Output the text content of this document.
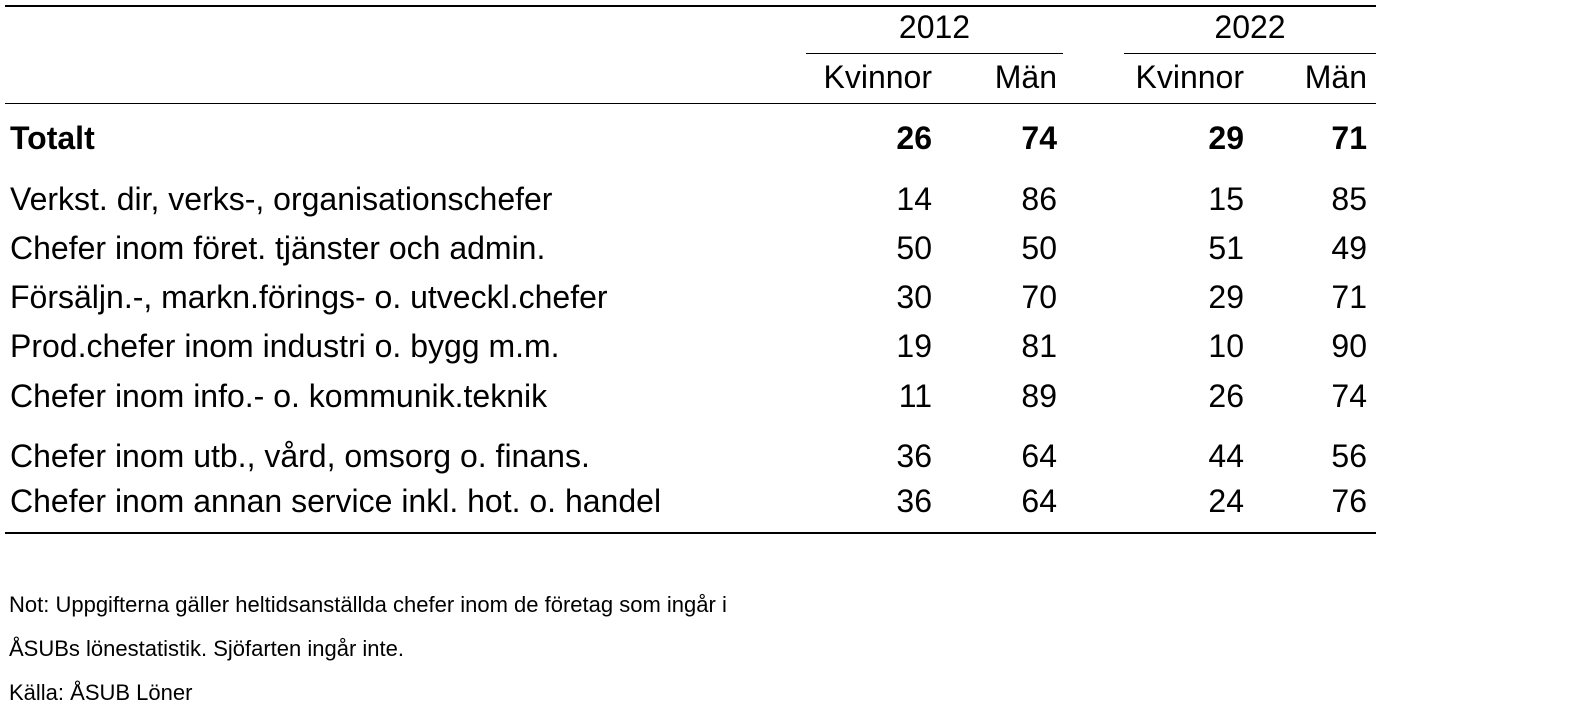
2012	2022
Kvinnor	Män	Kvinnor	Män
Totalt	26	74	29	71
Verkst. dir, verks-, organisationschefer	14	86	15	85
Chefer inom föret. tjänster och admin.	50	50	51	49
Försäljn.-, markn.förings- o. utveckl.chefer	30	70	29	71
Prod.chefer inom industri o. bygg m.m.	19	81	10	90
Chefer inom info.- o. kommunik.teknik	11	89	26	74
Chefer inom utb., vård, omsorg o. finans.	36	64	44	56
Chefer inom annan service inkl. hot. o. handel	36	64	24	76
Not: Uppgifterna gäller heltidsanställda chefer inom de företag som ingår i
ÅSUBs lönestatistik. Sjöfarten ingår inte.
Källa: ÅSUB Löner
